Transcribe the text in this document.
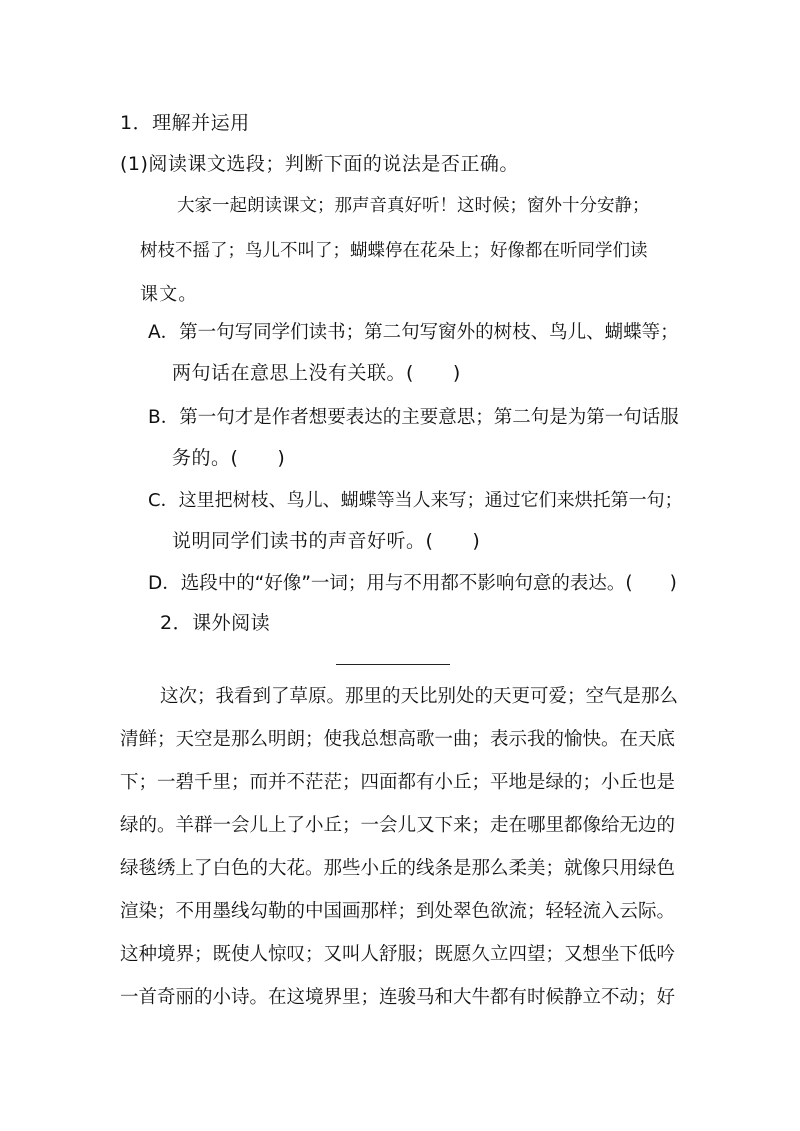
1．理解并运用
(1)阅读课文选段；判断下面的说法是否正确。
大家一起朗读课文；那声音真好听！这时候；窗外十分安静；
树枝不摇了；鸟儿不叫了；蝴蝶停在花朵上；好像都在听同学们读
课文。
A．第一句写同学们读书；第二句写窗外的树枝、鸟儿、蝴蝶等；
两句话在意思上没有关联。(　　)
B．第一句才是作者想要表达的主要意思；第二句是为第一句话服
务的。(　　)
C．这里把树枝、鸟儿、蝴蝶等当人来写；通过它们来烘托第一句；
说明同学们读书的声音好听。(　　)
D．选段中的“好像”一词；用与不用都不影响句意的表达。(　　)
2．课外阅读
这次；我看到了草原。那里的天比别处的天更可爱；空气是那么
清鲜；天空是那么明朗；使我总想高歌一曲；表示我的愉快。在天底
下；一碧千里；而并不茫茫；四面都有小丘；平地是绿的；小丘也是
绿的。羊群一会儿上了小丘；一会儿又下来；走在哪里都像给无边的
绿毯绣上了白色的大花。那些小丘的线条是那么柔美；就像只用绿色
渲染；不用墨线勾勒的中国画那样；到处翠色欲流；轻轻流入云际。
这种境界；既使人惊叹；又叫人舒服；既愿久立四望；又想坐下低吟
一首奇丽的小诗。在这境界里；连骏马和大牛都有时候静立不动；好
